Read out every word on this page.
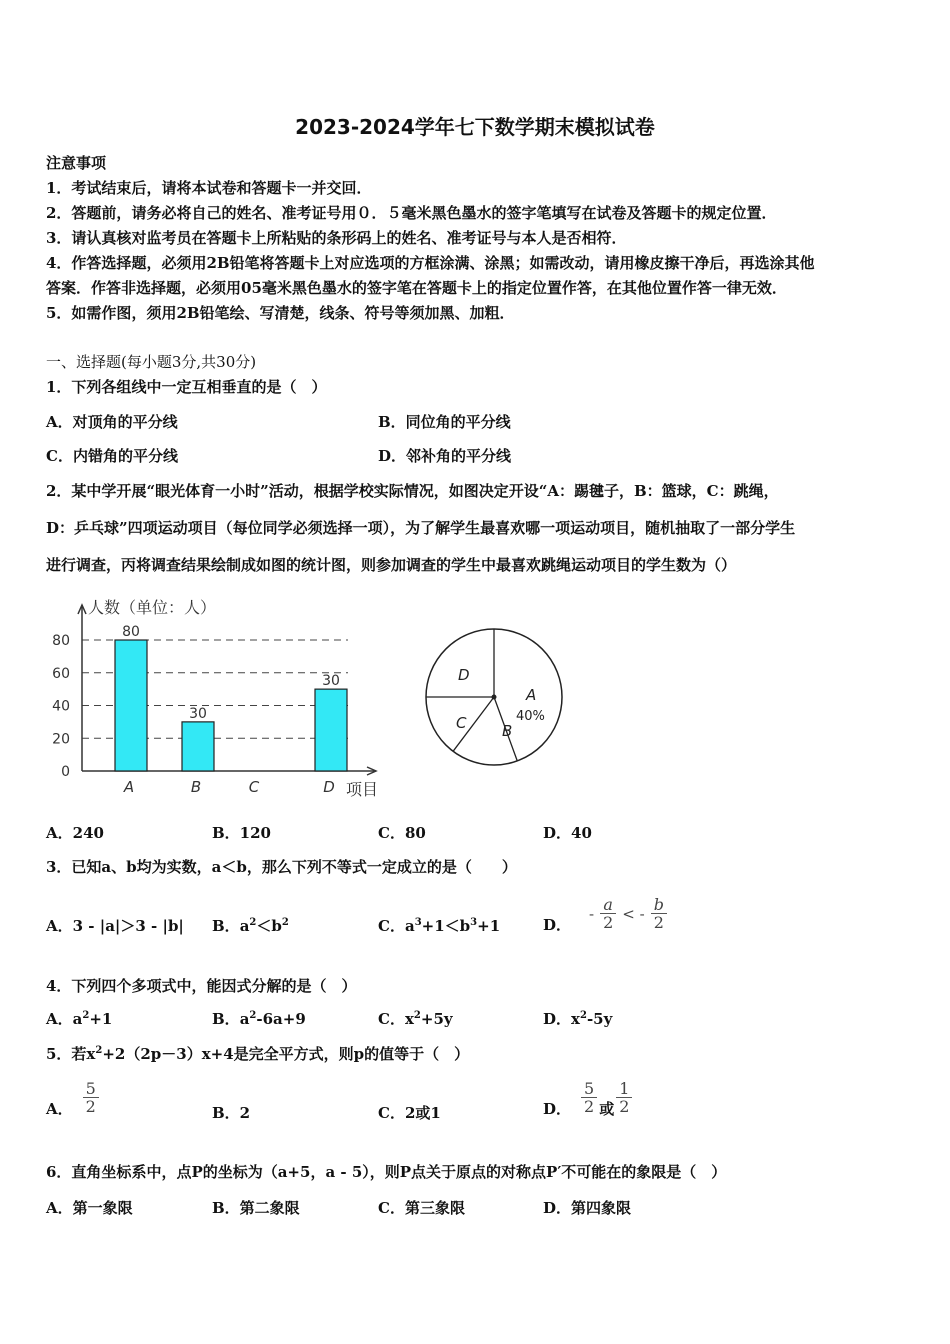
2023-2024学年七下数学期末模拟试卷
注意事项
1．考试结束后，请将本试卷和答题卡一并交回．
2．答题前，请务必将自己的姓名、准考证号用０．５毫米黑色墨水的签字笔填写在试卷及答题卡的规定位置．
3．请认真核对监考员在答题卡上所粘贴的条形码上的姓名、准考证号与本人是否相符．
4．作答选择题，必须用2B铅笔将答题卡上对应选项的方框涂满、涂黑；如需改动，请用橡皮擦干净后，再选涂其他
答案．作答非选择题，必须用05毫米黑色墨水的签字笔在答题卡上的指定位置作答，在其他位置作答一律无效．
5．如需作图，须用2B铅笔绘、写清楚，线条、符号等须加黑、加粗．
一、选择题(每小题3分,共30分)
1．下列各组线中一定互相垂直的是（　）
A．对顶角的平分线	B．同位角的平分线
C．内错角的平分线	D．邻补角的平分线
2．某中学开展“眼光体育一小时”活动，根据学校实际情况，如图决定开设“A：踢毽子，B：篮球，C：跳绳，
D：乒乓球”四项运动项目（每位同学必须选择一项），为了解学生最喜欢哪一项运动项目，随机抽取了一部分学生
进行调查，丙将调查结果绘制成如图的统计图，则参加调查的学生中最喜欢跳绳运动项目的学生数为（）
0
20
40
60
80
人数（单位：人）
项目
80
A
30
B	C
30
D
A
B
C
D
40%
A．240	B．120	C．80	D．40
3．已知a、b均为实数，a＜b，那么下列不等式一定成立的是（　　）
A．3 - |a|＞3 - |b| B．$a^2<b^2$	C．$a^3+1<b^3+1$	D．
- $\frac{a}{2}$ < - $\frac{b}{2}$
4．下列四个多项式中，能因式分解的是（　）
A．$a^2+1$	B．$a^2-6a+9$	C．$x^2+5y$	D．$x^2-5y$
5．若$x^2+2(2p-3)x+4$是完全平方式，则p的值等于（　）
A． $\frac{5}{2}$	B．2	C．2或1	D． $\frac{5}{2}$ 或 $\frac{1}{2}$
6．直角坐标系中，点P的坐标为（a+5，a - 5），则P点关于原点的对称点P′不可能在的象限是（　）
A．第一象限	B．第二象限	C．第三象限	D．第四象限
